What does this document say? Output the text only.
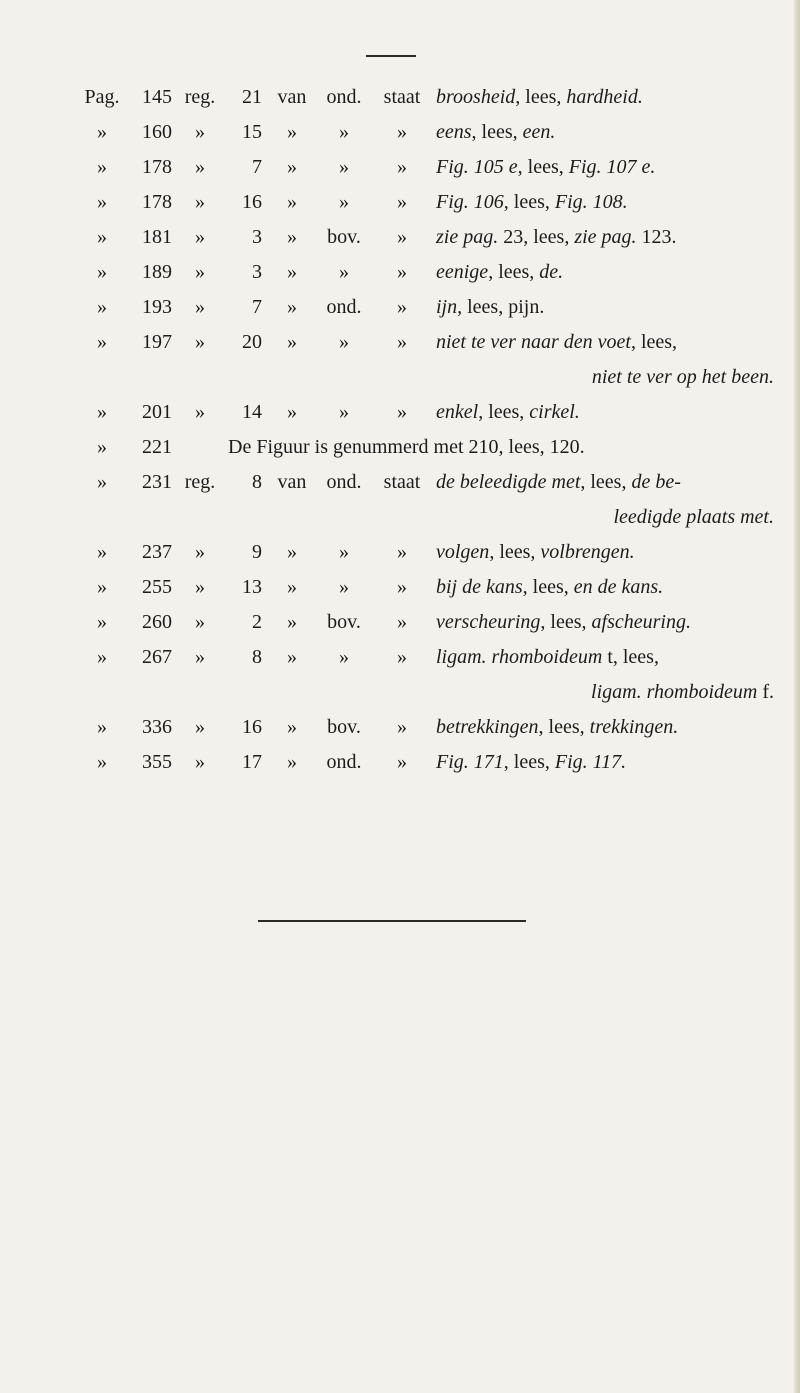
Pag.	145 reg.	21 van	ond.	staat broosheid, lees, hardheid.
»	160	»	15	»	»	»	eens, lees, een.
»	178	»	7	»	»	»	Fig. 105 e, lees, Fig. 107 e.
»	178	»	16	»	»	»	Fig. 106, lees, Fig. 108.
»	181	»	3	»	bov.	»	zie pag. 23, lees, zie pag. 123.
»	189	»	3	»	»	»	eenige, lees, de.
»	193	»	7	»	ond.	»	ijn, lees, pijn.
»	197	»	20	»	»	»	niet te ver naar den voet, lees,
niet te ver op het been.
»	201	»	14	»	»	»	enkel, lees, cirkel.
»	221	De Figuur is genummerd met 210, lees, 120.
»	231 reg.	8 van	ond.	staat de beleedigde met, lees, de be-
leedigde plaats met.
»	237	»	9	»	»	»	volgen, lees, volbrengen.
»	255	»	13	»	»	»	bij de kans, lees, en de kans.
»	260	»	2	»	bov.	»	verscheuring, lees, afscheuring.
»	267	»	8	»	»	»	ligam. rhomboideum t, lees,
ligam. rhomboideum f.
»	336	»	16	»	bov.	»	betrekkingen, lees, trekkingen.
»	355	»	17	»	ond.	»	Fig. 171, lees, Fig. 117.
